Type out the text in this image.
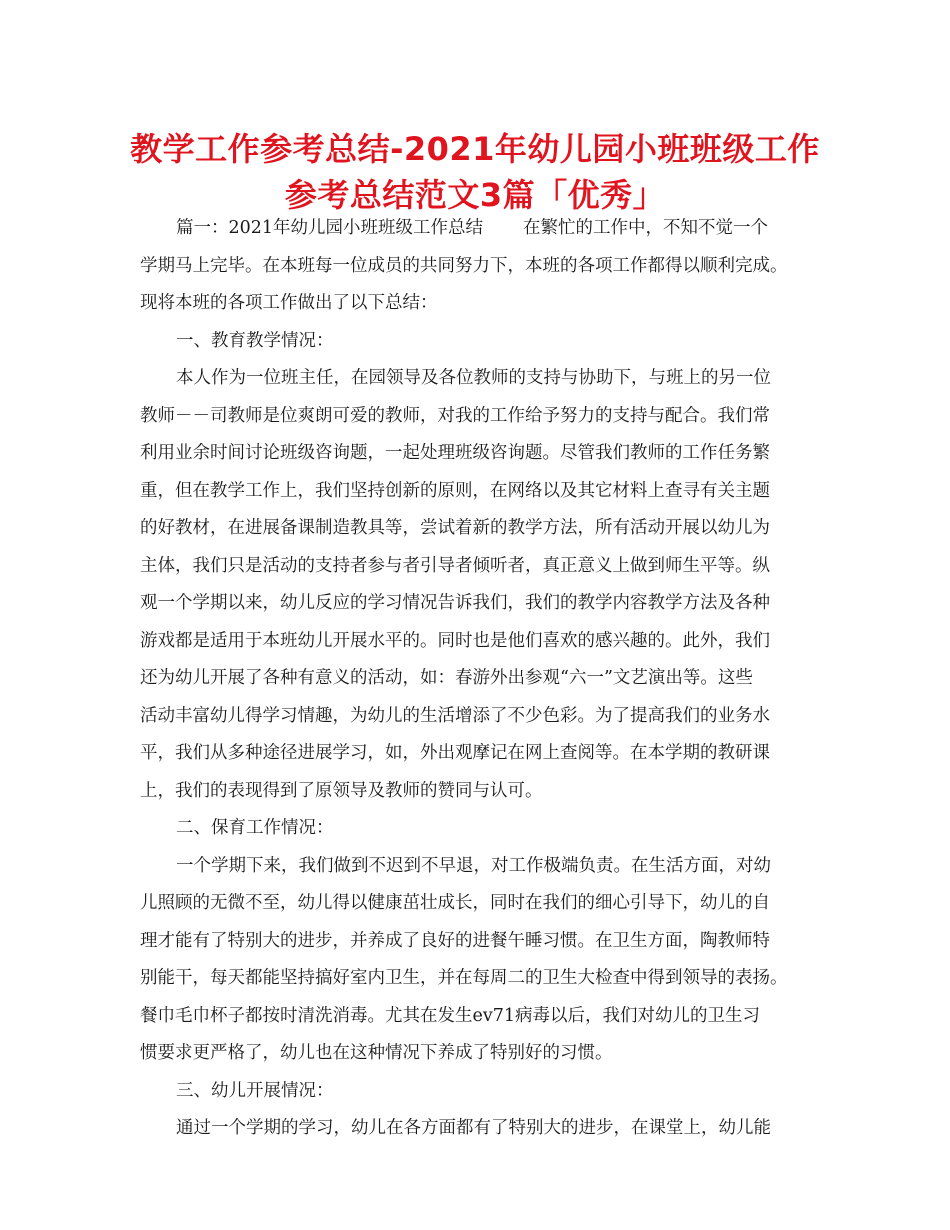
教学工作参考总结-2021年幼儿园小班班级工作
参考总结范文3篇「优秀」
篇一：2021年幼儿园小班班级工作总结 在繁忙的工作中，不知不觉一个
学期马上完毕。在本班每一位成员的共同努力下，本班的各项工作都得以顺利完成。
现将本班的各项工作做出了以下总结：
一、教育教学情况：
本人作为一位班主任，在园领导及各位教师的支持与协助下，与班上的另一位
教师－－司教师是位爽朗可爱的教师，对我的工作给予努力的支持与配合。我们常
利用业余时间讨论班级咨询题，一起处理班级咨询题。尽管我们教师的工作任务繁
重，但在教学工作上，我们坚持创新的原则，在网络以及其它材料上查寻有关主题
的好教材，在进展备课制造教具等，尝试着新的教学方法，所有活动开展以幼儿为
主体，我们只是活动的支持者参与者引导者倾听者，真正意义上做到师生平等。纵
观一个学期以来，幼儿反应的学习情况告诉我们，我们的教学内容教学方法及各种
游戏都是适用于本班幼儿开展水平的。同时也是他们喜欢的感兴趣的。此外，我们
还为幼儿开展了各种有意义的活动，如：春游外出参观“六一”文艺演出等。这些
活动丰富幼儿得学习情趣，为幼儿的生活增添了不少色彩。为了提高我们的业务水
平，我们从多种途径进展学习，如，外出观摩记在网上查阅等。在本学期的教研课
上，我们的表现得到了原领导及教师的赞同与认可。
二、保育工作情况：
一个学期下来，我们做到不迟到不早退，对工作极端负责。在生活方面，对幼
儿照顾的无微不至，幼儿得以健康茁壮成长，同时在我们的细心引导下，幼儿的自
理才能有了特别大的进步，并养成了良好的进餐午睡习惯。在卫生方面，陶教师特
别能干，每天都能坚持搞好室内卫生，并在每周二的卫生大检查中得到领导的表扬。
餐巾毛巾杯子都按时清洗消毒。尤其在发生ev71病毒以后，我们对幼儿的卫生习
惯要求更严格了，幼儿也在这种情况下养成了特别好的习惯。
三、幼儿开展情况：
通过一个学期的学习，幼儿在各方面都有了特别大的进步，在课堂上，幼儿能
